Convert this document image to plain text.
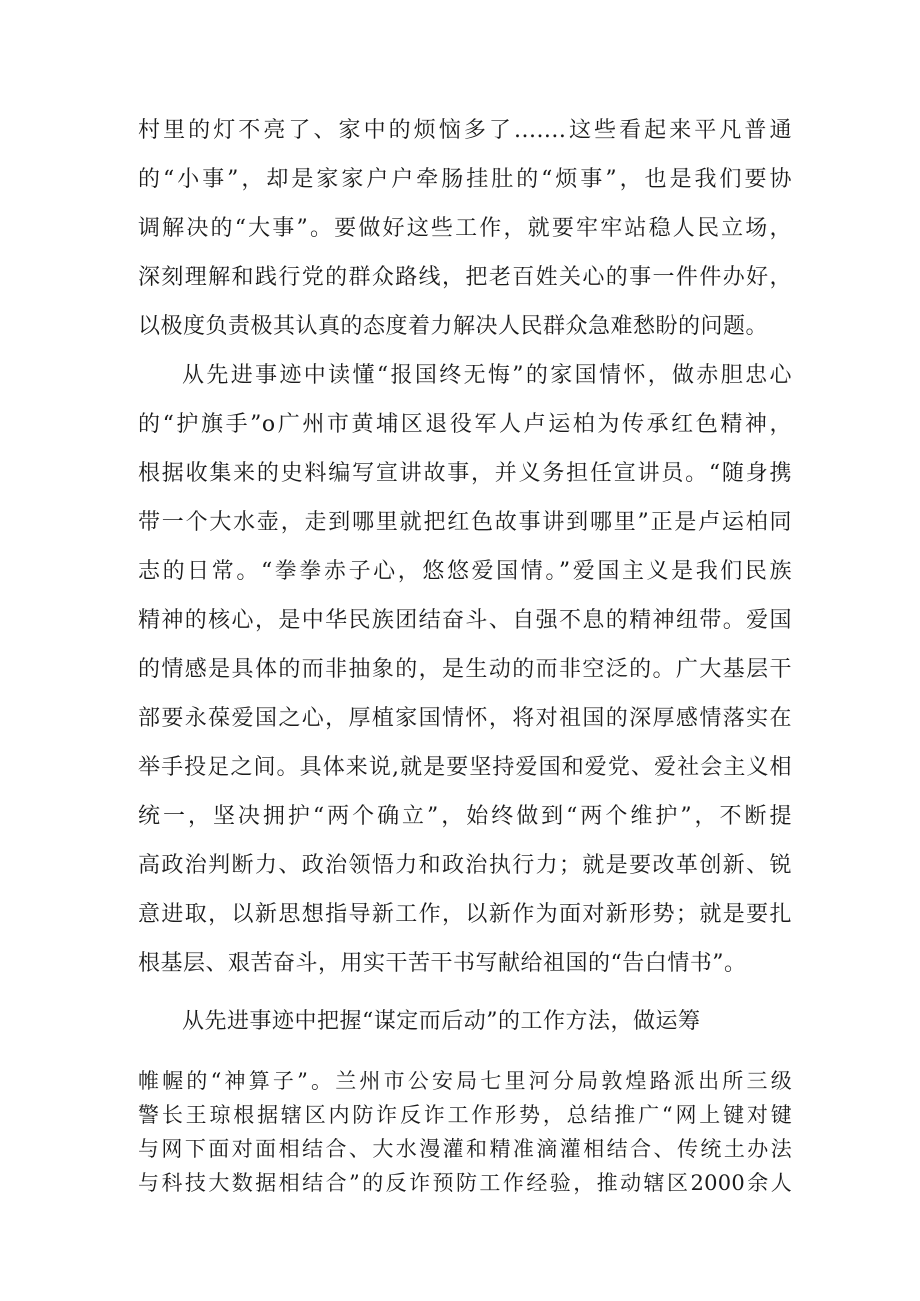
村里的灯不亮了、家中的烦恼多了.......这些看起来平凡普通
的“小事”，却是家家户户牵肠挂肚的“烦事”，也是我们要协
调解决的“大事”。要做好这些工作，就要牢牢站稳人民立场，
深刻理解和践行党的群众路线，把老百姓关心的事一件件办好，
以极度负责极其认真的态度着力解决人民群众急难愁盼的问题。
从先进事迹中读懂“报国终无悔”的家国情怀，做赤胆忠心
的“护旗手”o广州市黄埔区退役军人卢运柏为传承红色精神，
根据收集来的史料编写宣讲故事，并义务担任宣讲员。“随身携
带一个大水壶，走到哪里就把红色故事讲到哪里”正是卢运柏同
志的日常。“拳拳赤子心，悠悠爱国情。”爱国主义是我们民族
精神的核心，是中华民族团结奋斗、自强不息的精神纽带。爱国
的情感是具体的而非抽象的，是生动的而非空泛的。广大基层干
部要永葆爱国之心，厚植家国情怀，将对祖国的深厚感情落实在
举手投足之间。具体来说,就是要坚持爱国和爱党、爱社会主义相
统一，坚决拥护“两个确立”，始终做到“两个维护”，不断提
高政治判断力、政治领悟力和政治执行力；就是要改革创新、锐
意进取，以新思想指导新工作，以新作为面对新形势；就是要扎
根基层、艰苦奋斗，用实干苦干书写献给祖国的“告白情书”。
从先进事迹中把握“谋定而后动”的工作方法，做运筹
帷幄的“神算子”。兰州市公安局七里河分局敦煌路派出所三级
警长王琼根据辖区内防诈反诈工作形势，总结推广“网上键对键
与网下面对面相结合、大水漫灌和精准滴灌相结合、传统土办法
与科技大数据相结合”的反诈预防工作经验，推动辖区2000余人
